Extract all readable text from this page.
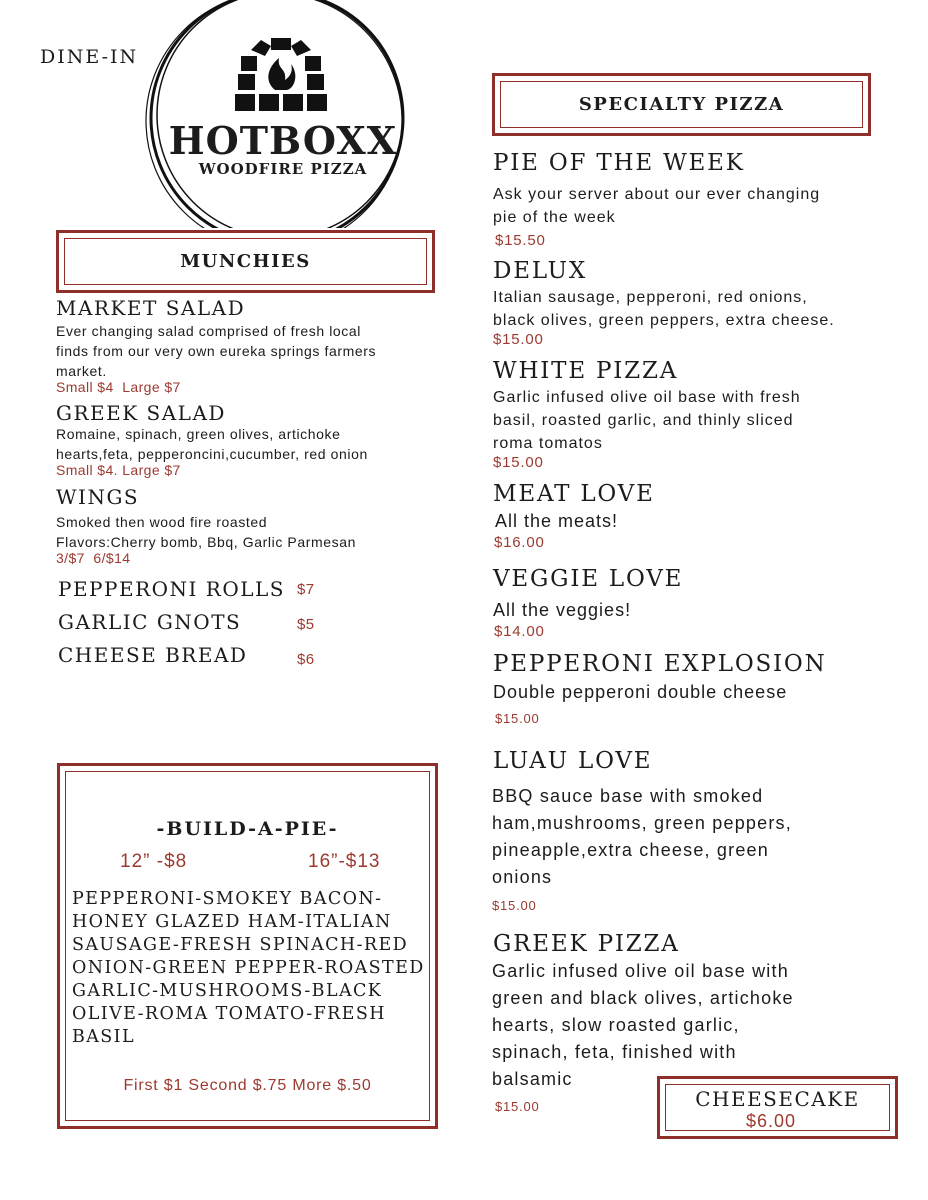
DINE-IN
HOTBOXX
WOODFIRE PIZZA
MUNCHIES
MARKET SALAD
Ever changing salad comprised of fresh local
finds from our very own eureka springs farmers
market.
Small $4  Large $7
GREEK SALAD
Romaine, spinach, green olives, artichoke
hearts,feta, pepperoncini,cucumber, red onion
Small $4. Large $7
WINGS
Smoked then wood fire roasted
Flavors:Cherry bomb, Bbq, Garlic Parmesan
3/$7  6/$14
PEPPERONI ROLLS $7
GARLIC GNOTS	$5
CHEESE BREAD	$6
-BUILD-A-PIE-
12” -$8	16”-$13
PEPPERONI-SMOKEY BACON-
HONEY GLAZED HAM-ITALIAN
SAUSAGE-FRESH SPINACH-RED
ONION-GREEN PEPPER-ROASTED
GARLIC-MUSHROOMS-BLACK
OLIVE-ROMA TOMATO-FRESH
BASIL
First $1 Second $.75 More $.50
SPECIALTY PIZZA
PIE OF THE WEEK
Ask your server about our ever changing
pie of the week
$15.50
DELUX
Italian sausage, pepperoni, red onions,
black olives, green peppers, extra cheese.
$15.00
WHITE PIZZA
Garlic infused olive oil base with fresh
basil, roasted garlic, and thinly sliced
roma tomatos
$15.00
MEAT LOVE
All the meats!
$16.00
VEGGIE LOVE
All the veggies!
$14.00
PEPPERONI EXPLOSION
Double pepperoni double cheese
$15.00
LUAU LOVE
BBQ sauce base with smoked
ham,mushrooms, green peppers,
pineapple,extra cheese, green
onions
$15.00
GREEK PIZZA
Garlic infused olive oil base with
green and black olives, artichoke
hearts, slow roasted garlic,
spinach, feta, finished with
balsamic
$15.00	CHEESECAKE
$6.00
